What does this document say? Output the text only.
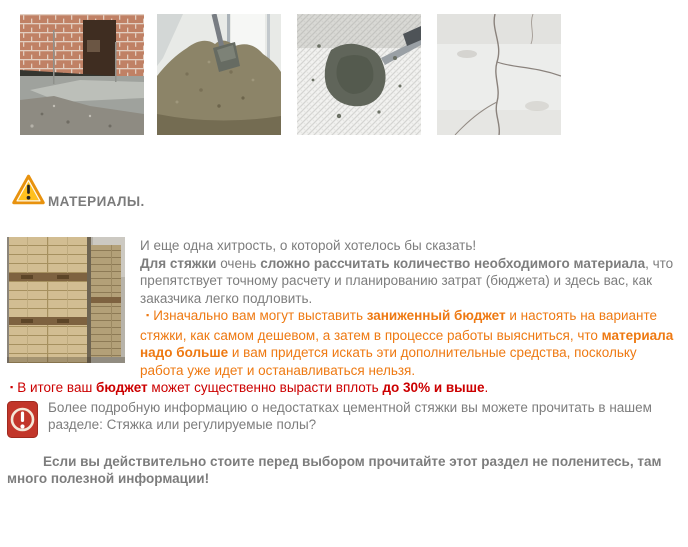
МАТЕРИАЛЫ.

И еще одна хитрость, о которой хотелось бы сказать!

Для стяжки очень сложно рассчитать количество необходимого материала, что препятствует точному расчету и планированию затрат (бюджета) и здесь вас, как заказчика легко подловить.

▪ Изначально вам могут выставить заниженный бюджет и настоять на варианте стяжки, как самом дешевом, а затем в процессе работы выясниться, что материала надо больше и вам придется искать эти дополнительные средства, поскольку работа уже идет и останавливаться нельзя.

▪ В итоге ваш бюджет может существенно вырасти вплоть до 30% и выше.

Более подробную информацию о недостатках цементной стяжки вы можете прочитать в нашем разделе: Стяжка или регулируемые полы?

Если вы действительно стоите перед выбором прочитайте этот раздел не поленитесь, там много полезной информации!
